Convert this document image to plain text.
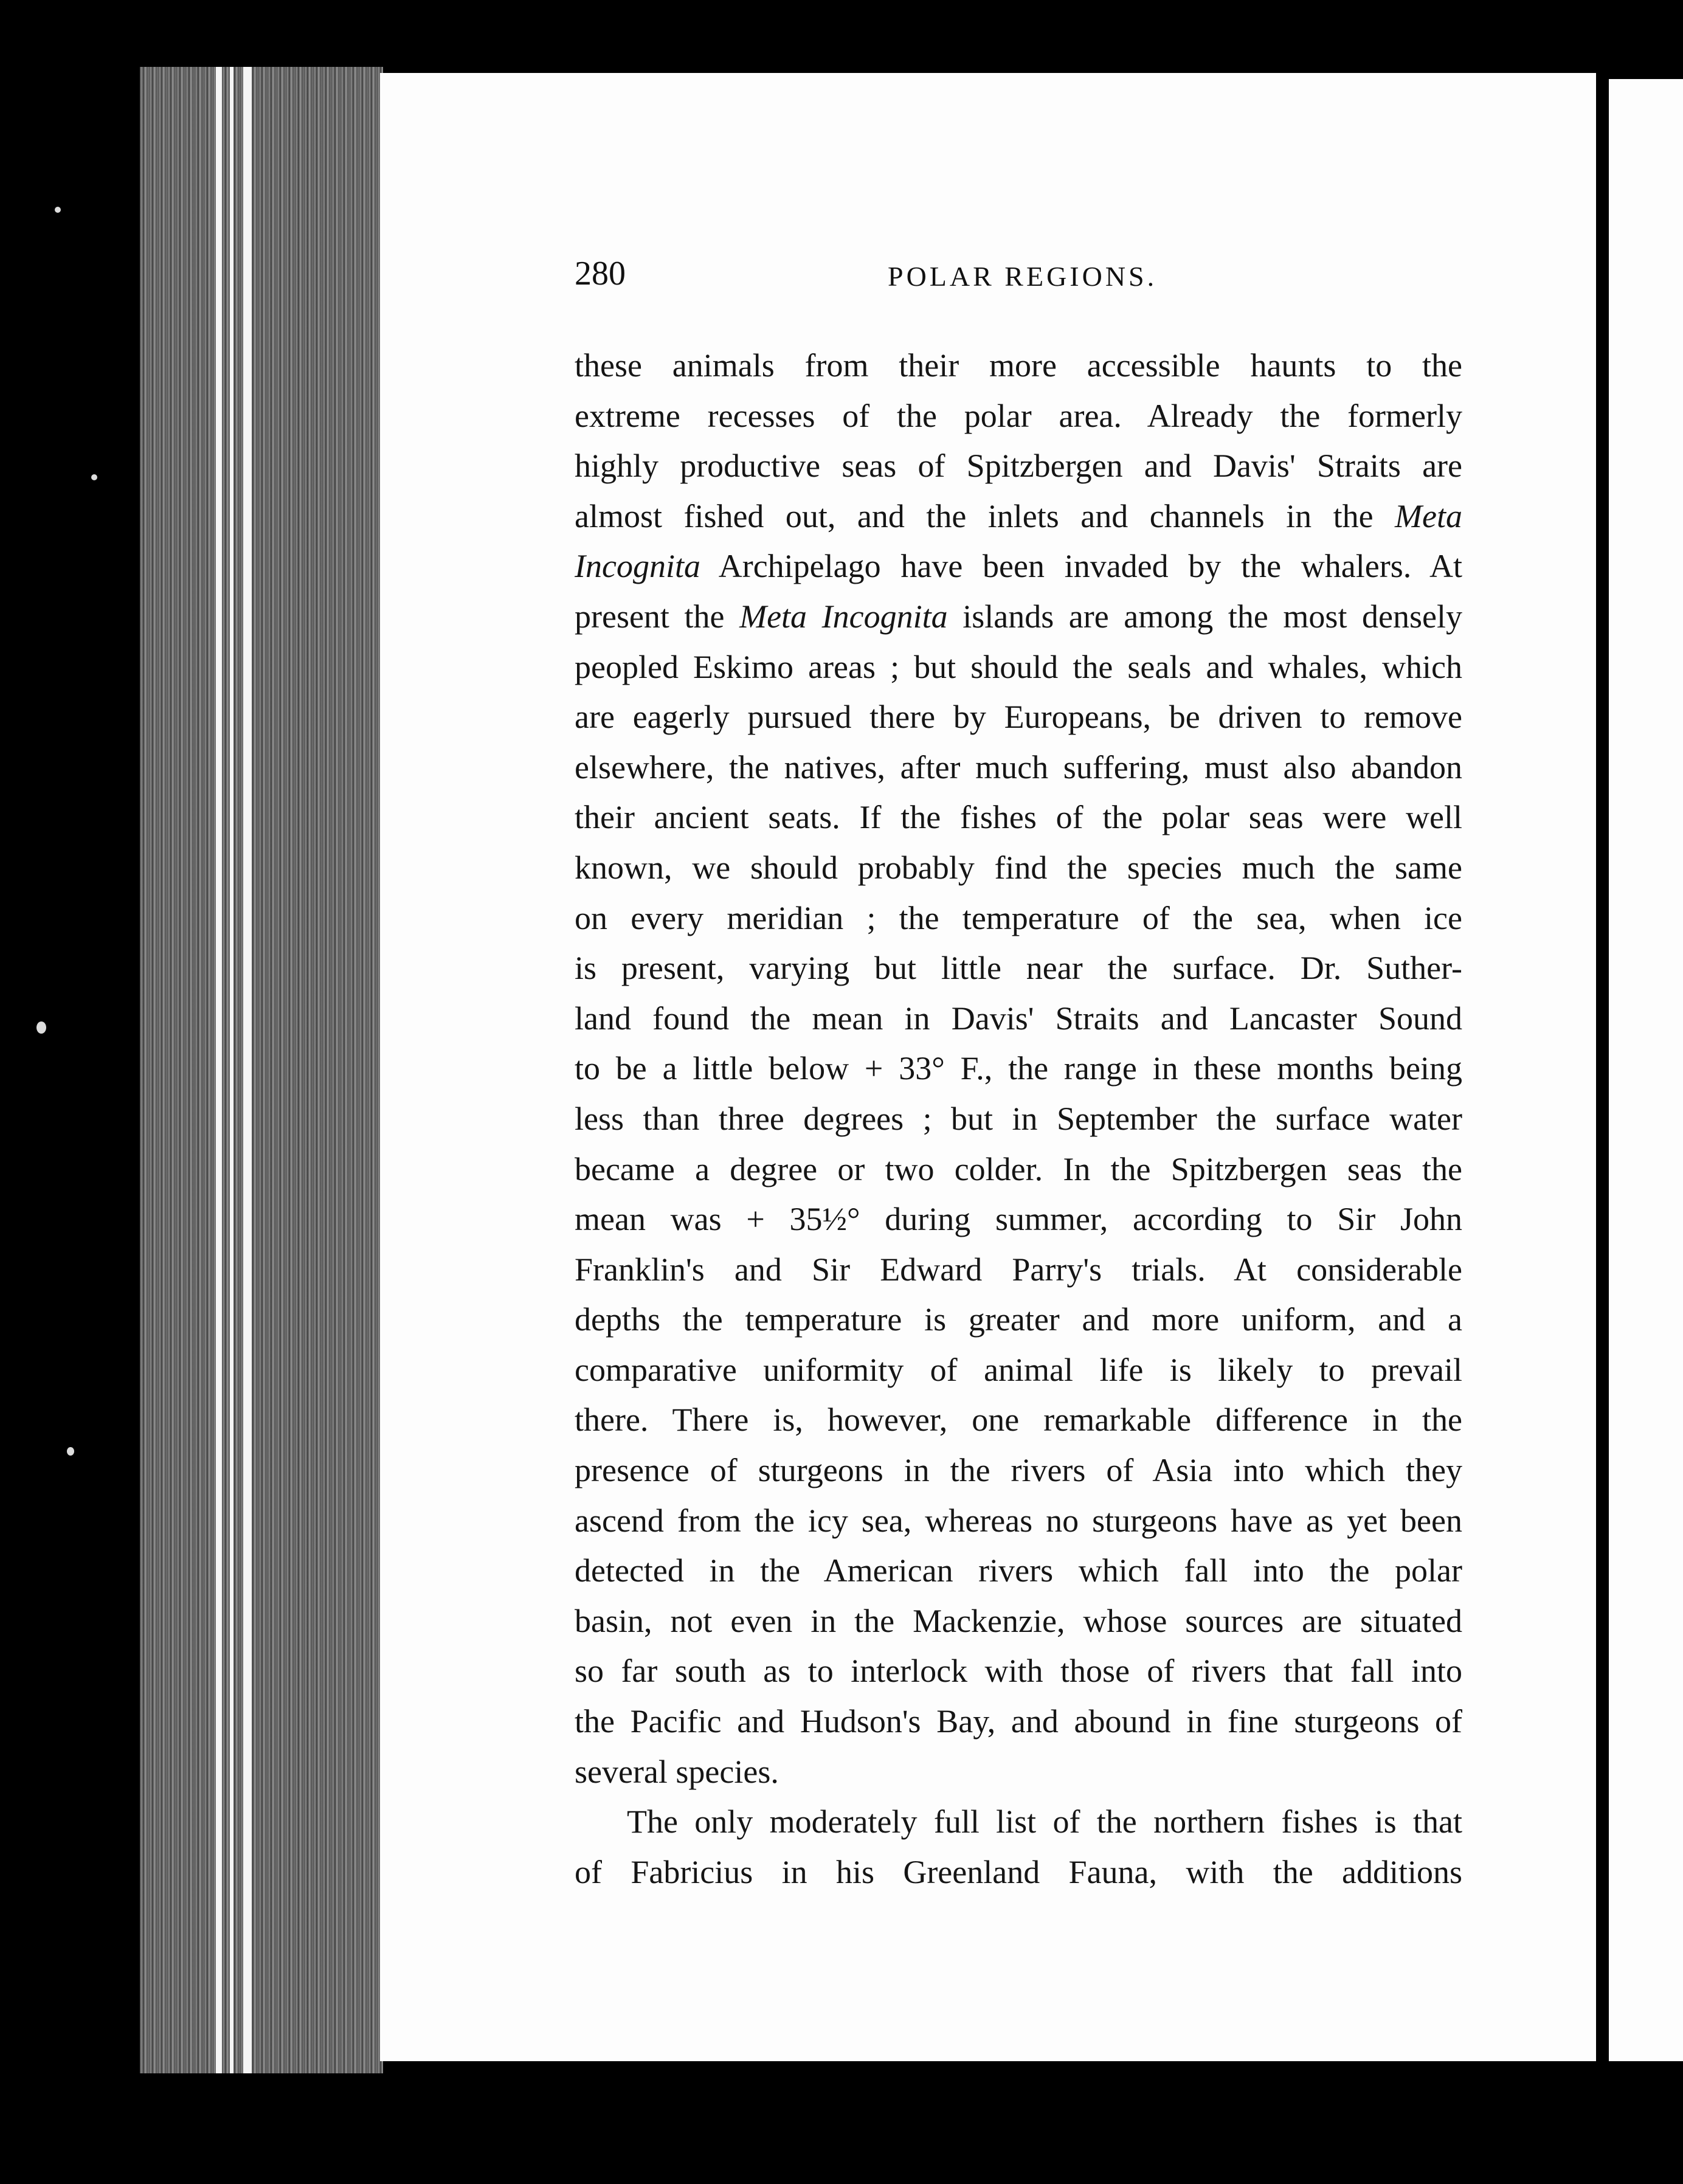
280	POLAR REGIONS.
these animals from their more accessible haunts to the
extreme recesses of the polar area. Already the formerly
highly productive seas of Spitzbergen and Davis' Straits are
almost fished out, and the inlets and channels in the Meta
Incognita Archipelago have been invaded by the whalers. At
present the Meta Incognita islands are among the most densely
peopled Eskimo areas ; but should the seals and whales, which
are eagerly pursued there by Europeans, be driven to remove
elsewhere, the natives, after much suffering, must also abandon
their ancient seats. If the fishes of the polar seas were well
known, we should probably find the species much the same
on every meridian ; the temperature of the sea, when ice
is present, varying but little near the surface. Dr. Suther-
land found the mean in Davis' Straits and Lancaster Sound
to be a little below + 33° F., the range in these months being
less than three degrees ; but in September the surface water
became a degree or two colder. In the Spitzbergen seas the
mean was + 35½° during summer, according to Sir John
Franklin's and Sir Edward Parry's trials. At considerable
depths the temperature is greater and more uniform, and a
comparative uniformity of animal life is likely to prevail
there. There is, however, one remarkable difference in the
presence of sturgeons in the rivers of Asia into which they
ascend from the icy sea, whereas no sturgeons have as yet been
detected in the American rivers which fall into the polar
basin, not even in the Mackenzie, whose sources are situated
so far south as to interlock with those of rivers that fall into
the Pacific and Hudson's Bay, and abound in fine sturgeons of
several species.
The only moderately full list of the northern fishes is that
of Fabricius in his Greenland Fauna, with the additions
